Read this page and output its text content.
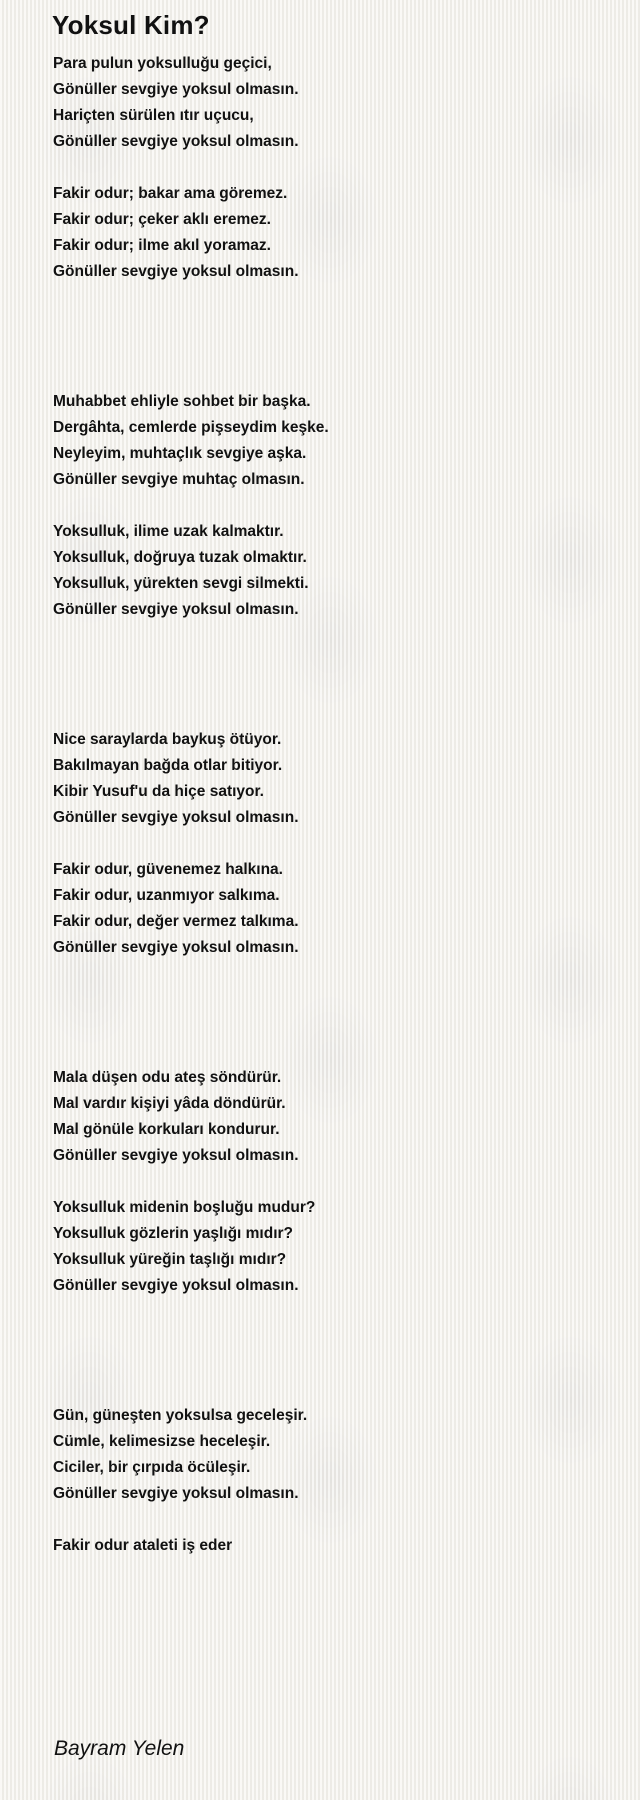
Yoksul Kim?
Para pulun yoksulluğu geçici,
Gönüller sevgiye yoksul olmasın.
Hariçten sürülen ıtır uçucu,
Gönüller sevgiye yoksul olmasın.
Fakir odur; bakar ama göremez.
Fakir odur; çeker aklı eremez.
Fakir odur; ilme akıl yoramaz.
Gönüller sevgiye yoksul olmasın.
Muhabbet ehliyle sohbet bir başka.
Dergâhta, cemlerde pişseydim keşke.
Neyleyim, muhtaçlık sevgiye aşka.
Gönüller sevgiye muhtaç olmasın.
Yoksulluk, ilime uzak kalmaktır.
Yoksulluk, doğruya tuzak olmaktır.
Yoksulluk, yürekten sevgi silmekti.
Gönüller sevgiye yoksul olmasın.
Nice saraylarda baykuş ötüyor.
Bakılmayan bağda otlar bitiyor.
Kibir Yusuf'u da hiçe satıyor.
Gönüller sevgiye yoksul olmasın.
Fakir odur, güvenemez halkına.
Fakir odur, uzanmıyor salkıma.
Fakir odur, değer vermez talkıma.
Gönüller sevgiye yoksul olmasın.
Mala düşen odu ateş söndürür.
Mal vardır kişiyi yâda döndürür.
Mal gönüle korkuları kondurur.
Gönüller sevgiye yoksul olmasın.
Yoksulluk midenin boşluğu mudur?
Yoksulluk gözlerin yaşlığı mıdır?
Yoksulluk yüreğin taşlığı mıdır?
Gönüller sevgiye yoksul olmasın.
Gün, güneşten yoksulsa geceleşir.
Cümle, kelimesizse heceleşir.
Ciciler, bir çırpıda öcüleşir.
Gönüller sevgiye yoksul olmasın.
Fakir odur ataleti iş eder
Bayram Yelen
